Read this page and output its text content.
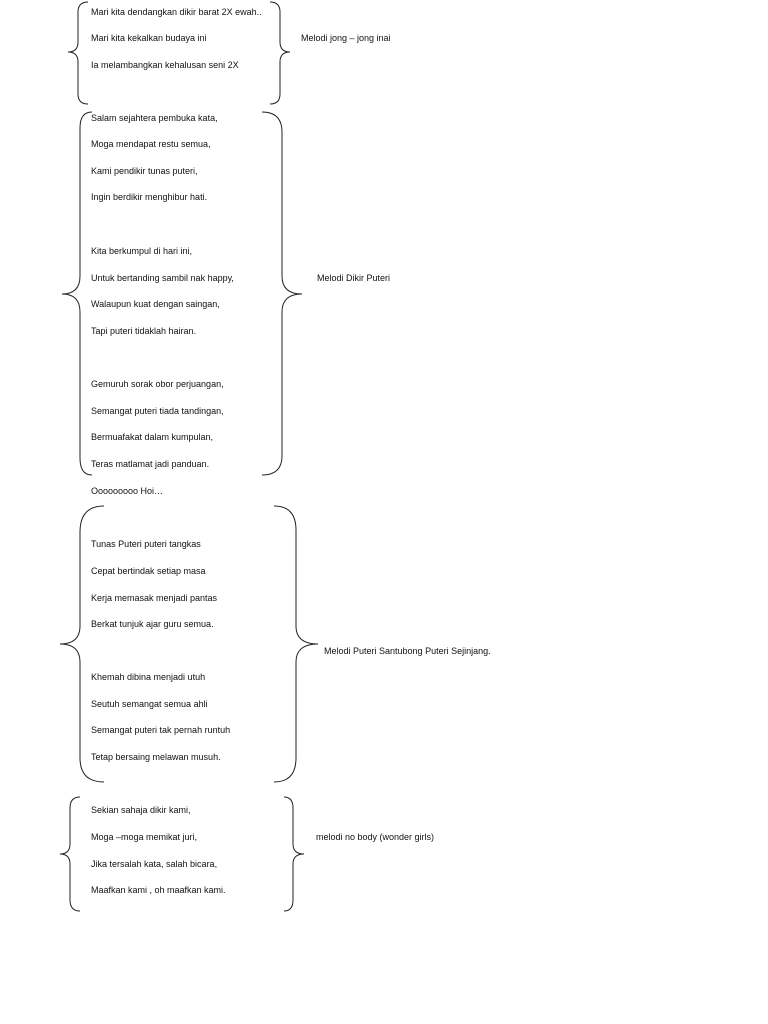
Mari kita dendangkan dikir barat 2X ewah..
Mari kita kekalkan budaya ini
Ia melambangkan kehalusan seni 2X
Melodi jong – jong inai
Salam sejahtera pembuka kata,
Moga mendapat restu semua,
Kami pendikir tunas puteri,
Ingin berdikir menghibur hati.
Kita berkumpul di hari ini,
Untuk bertanding sambil nak happy,
Walaupun kuat dengan saingan,
Tapi puteri tidaklah hairan.
Gemuruh sorak obor perjuangan,
Semangat puteri tiada tandingan,
Bermuafakat dalam kumpulan,
Teras matlamat jadi panduan.
Melodi Dikir Puteri
Ooooooooo Hoi…
Tunas Puteri puteri tangkas
Cepat bertindak setiap masa
Kerja memasak menjadi pantas
Berkat tunjuk ajar guru semua.
Khemah dibina menjadi utuh
Seutuh semangat semua ahli
Semangat puteri tak pernah runtuh
Tetap bersaing melawan musuh.
Melodi Puteri Santubong Puteri Sejinjang.
Sekian sahaja dikir kami,
Moga –moga memikat juri,
Jika tersalah kata, salah bicara,
Maafkan kami , oh maafkan kami.
melodi no body (wonder girls)
